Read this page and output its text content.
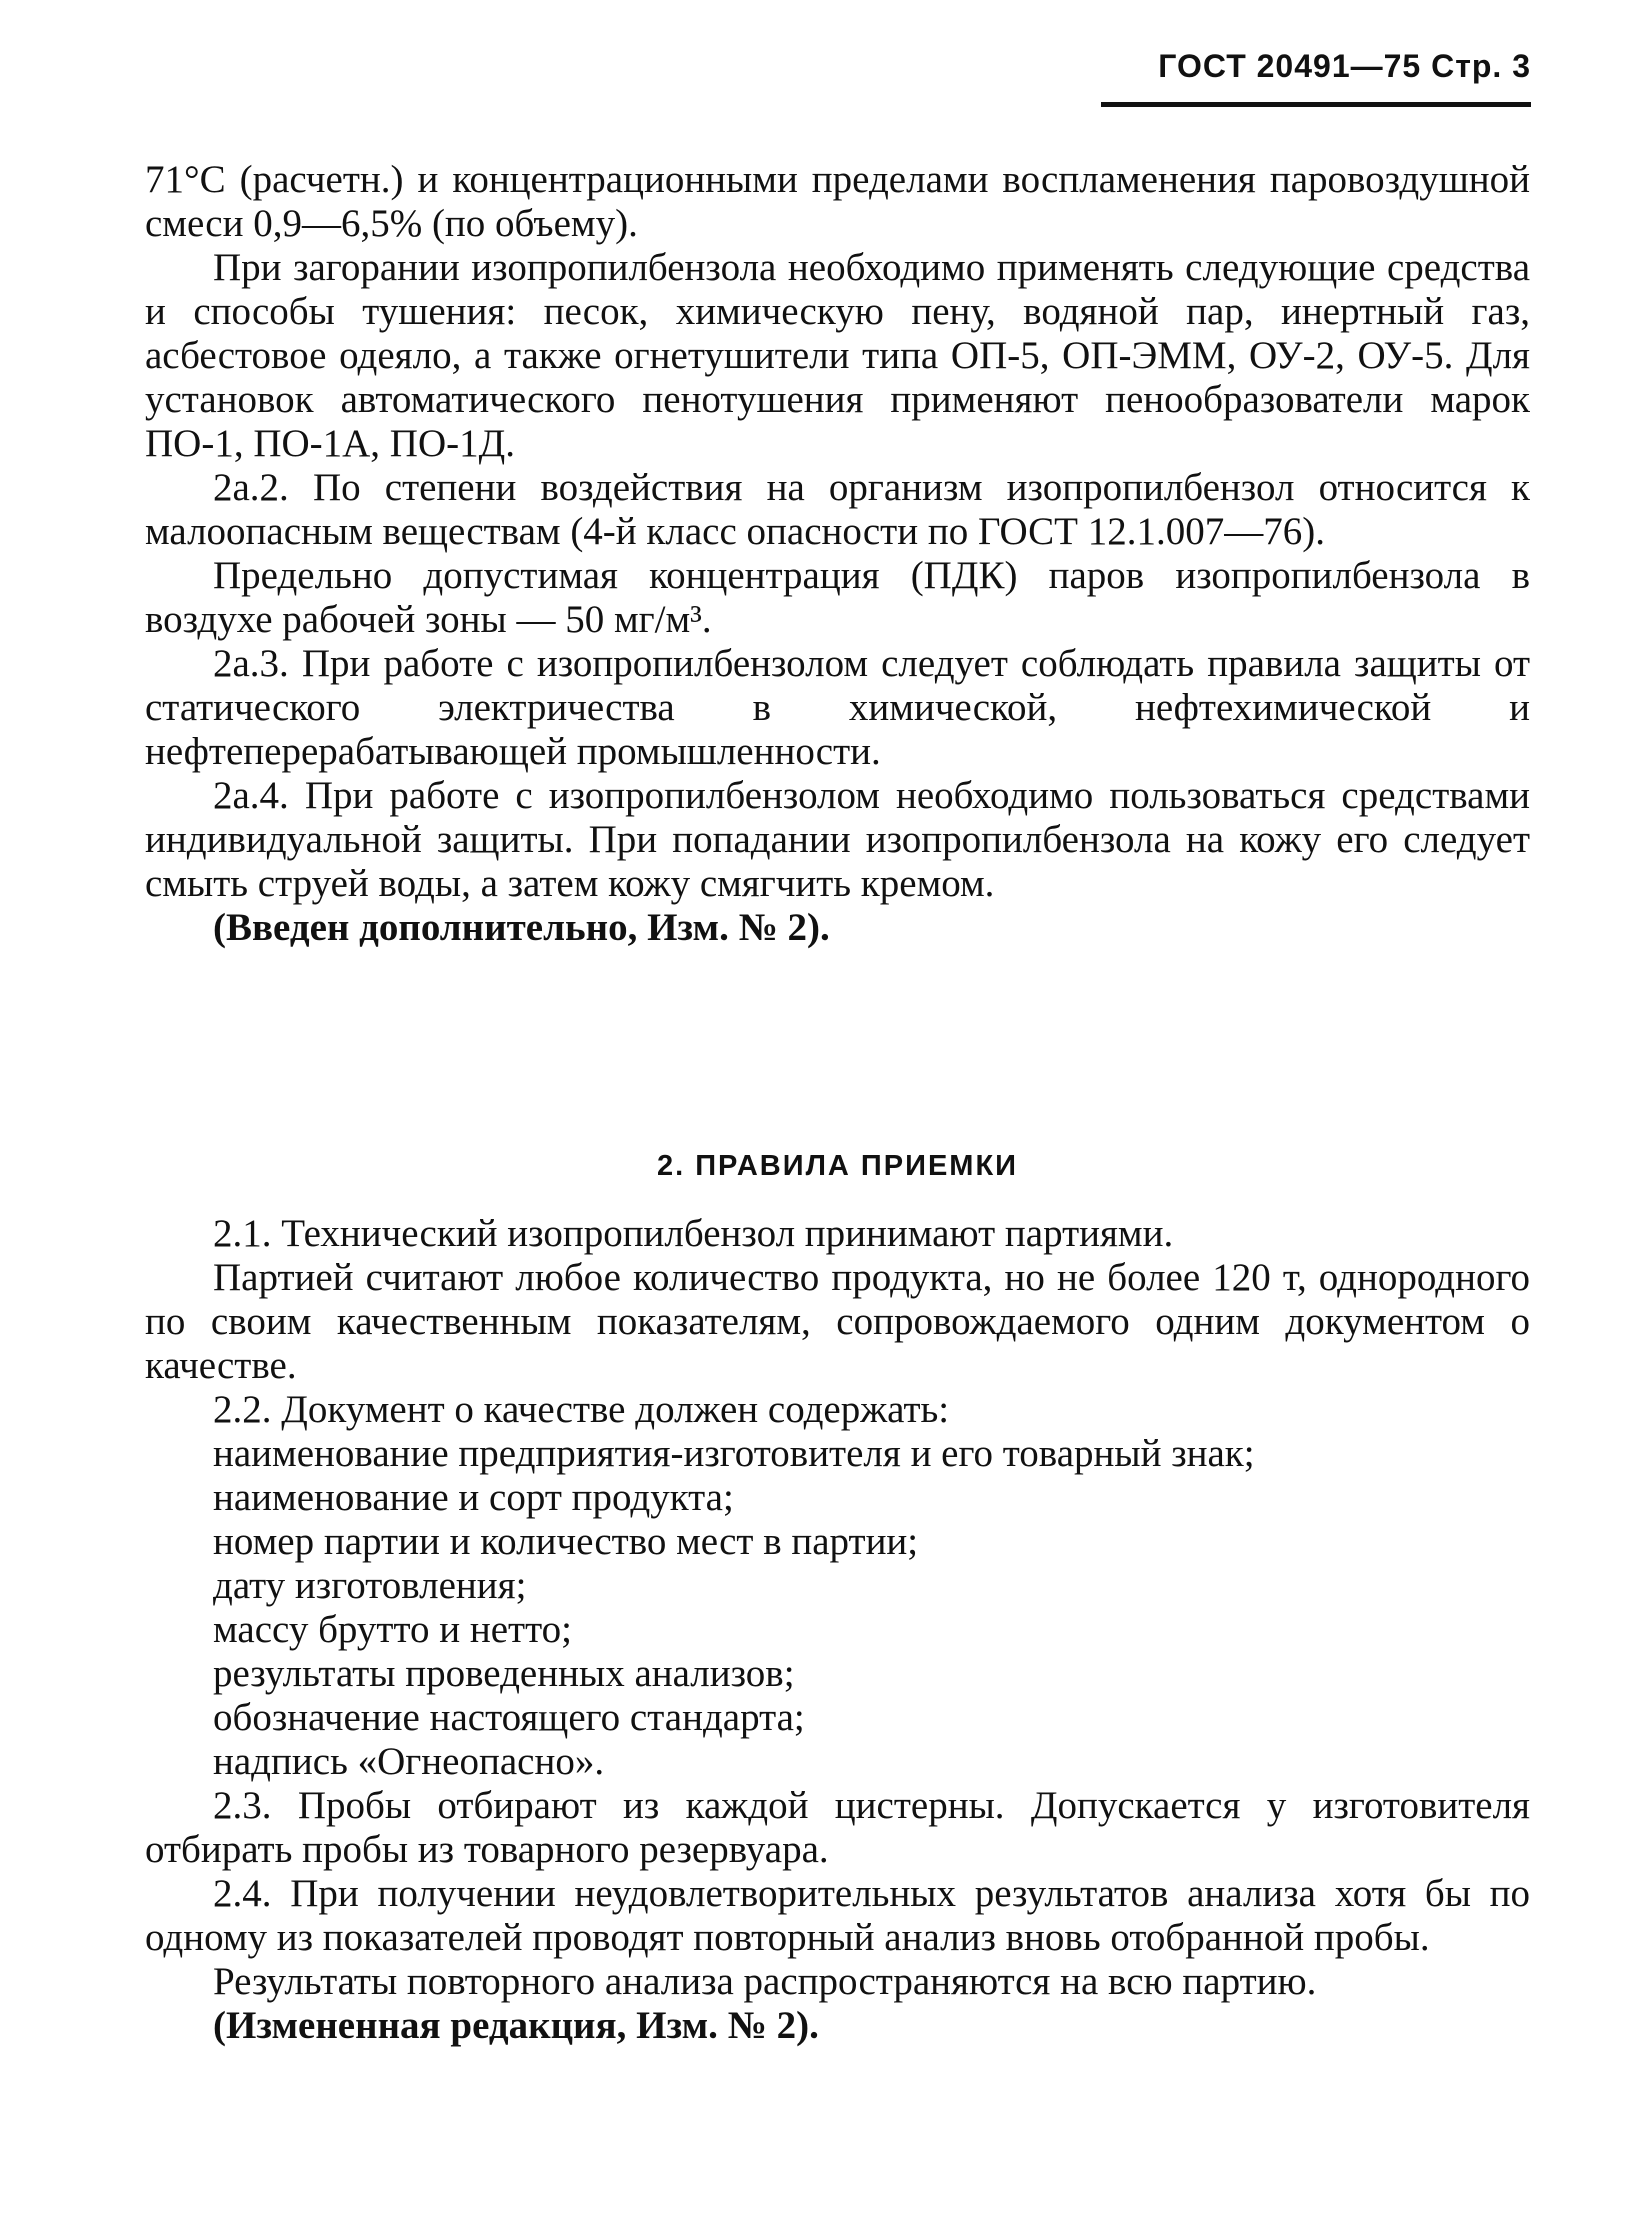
ГОСТ 20491—75 Стр. 3

71°С (расчетн.) и концентрационными пределами воспламенения паровоздушной смеси 0,9—6,5% (по объему).

При загорании изопропилбензола необходимо применять следующие средства и способы тушения: песок, химическую пену, водяной пар, инертный газ, асбестовое одеяло, а также огнетушители типа ОП-5, ОП-ЭММ, ОУ-2, ОУ-5. Для установок автоматического пенотушения применяют пенообразователи марок ПО-1, ПО-1А, ПО-1Д.

2а.2. По степени воздействия на организм изопропилбензол относится к малоопасным веществам (4-й класс опасности по ГОСТ 12.1.007—76).

Предельно допустимая концентрация (ПДК) паров изопропилбензола в воздухе рабочей зоны — 50 мг/м³.

2а.3. При работе с изопропилбензолом следует соблюдать правила защиты от статического электричества в химической, нефтехимической и нефтеперерабатывающей промышленности.

2а.4. При работе с изопропилбензолом необходимо пользоваться средствами индивидуальной защиты. При попадании изопропилбензола на кожу его следует смыть струей воды, а затем кожу смягчить кремом.

(Введен дополнительно, Изм. № 2).

2. ПРАВИЛА ПРИЕМКИ

2.1. Технический изопропилбензол принимают партиями.

Партией считают любое количество продукта, но не более 120 т, однородного по своим качественным показателям, сопровождаемого одним документом о качестве.

2.2. Документ о качестве должен содержать:

наименование предприятия-изготовителя и его товарный знак;

наименование и сорт продукта;

номер партии и количество мест в партии;

дату изготовления;

массу брутто и нетто;

результаты проведенных анализов;

обозначение настоящего стандарта;

надпись «Огнеопасно».

2.3. Пробы отбирают из каждой цистерны. Допускается у изготовителя отбирать пробы из товарного резервуара.

2.4. При получении неудовлетворительных результатов анализа хотя бы по одному из показателей проводят повторный анализ вновь отобранной пробы.

Результаты повторного анализа распространяются на всю партию.

(Измененная редакция, Изм. № 2).
